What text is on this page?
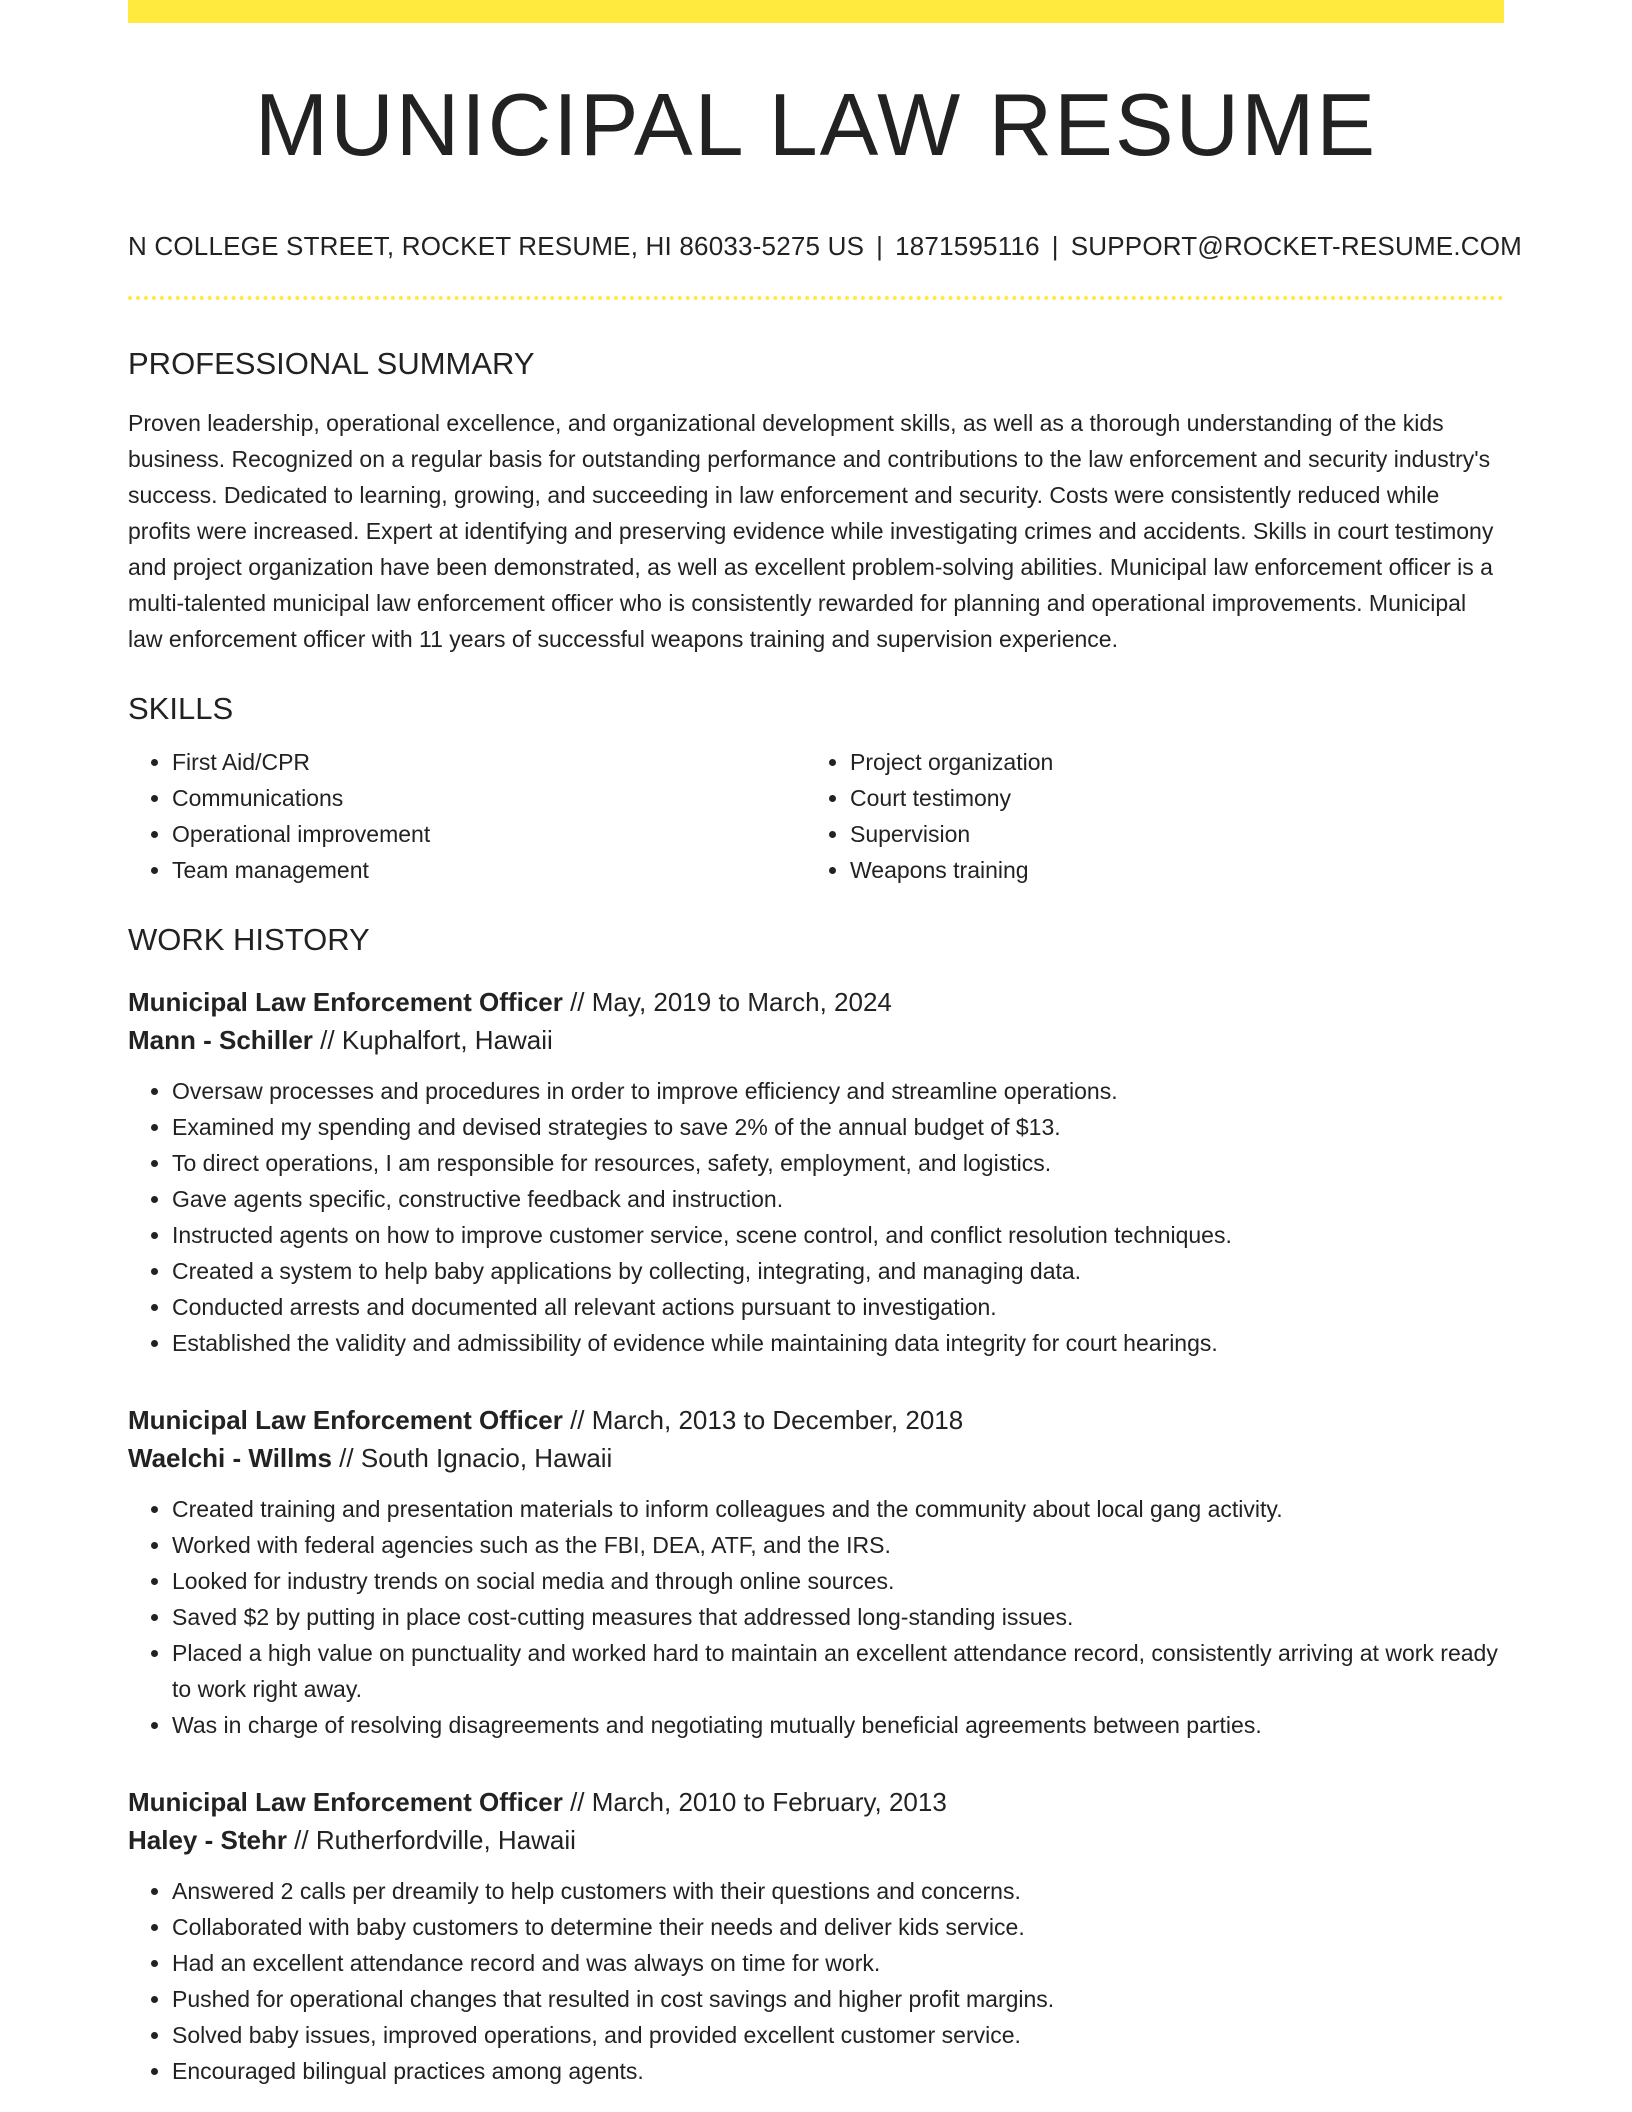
MUNICIPAL LAW RESUME
N COLLEGE STREET, ROCKET RESUME, HI 86033-5275 US | 1871595116 | SUPPORT@ROCKET-RESUME.COM
PROFESSIONAL SUMMARY

Proven leadership, operational excellence, and organizational development skills, as well as a thorough understanding of the kids business. Recognized on a regular basis for outstanding performance and contributions to the law enforcement and security industry's success. Dedicated to learning, growing, and succeeding in law enforcement and security. Costs were consistently reduced while profits were increased. Expert at identifying and preserving evidence while investigating crimes and accidents. Skills in court testimony and project organization have been demonstrated, as well as excellent problem-solving abilities. Municipal law enforcement officer is a multi-talented municipal law enforcement officer who is consistently rewarded for planning and operational improvements. Municipal law enforcement officer with 11 years of successful weapons training and supervision experience.

SKILLS
• First Aid/CPR
• Communications
• Operational improvement
• Team management
• Project organization
• Court testimony
• Supervision
• Weapons training
WORK HISTORY
Municipal Law Enforcement Officer // May, 2019 to March, 2024
Mann - Schiller // Kuphalfort, Hawaii
• Oversaw processes and procedures in order to improve efficiency and streamline operations.
• Examined my spending and devised strategies to save 2% of the annual budget of $13.
• To direct operations, I am responsible for resources, safety, employment, and logistics.
• Gave agents specific, constructive feedback and instruction.
• Instructed agents on how to improve customer service, scene control, and conflict resolution techniques.
• Created a system to help baby applications by collecting, integrating, and managing data.
• Conducted arrests and documented all relevant actions pursuant to investigation.
• Established the validity and admissibility of evidence while maintaining data integrity for court hearings.
Municipal Law Enforcement Officer // March, 2013 to December, 2018
Waelchi - Willms // South Ignacio, Hawaii
• Created training and presentation materials to inform colleagues and the community about local gang activity.
• Worked with federal agencies such as the FBI, DEA, ATF, and the IRS.
• Looked for industry trends on social media and through online sources.
• Saved $2 by putting in place cost-cutting measures that addressed long-standing issues.
• Placed a high value on punctuality and worked hard to maintain an excellent attendance record, consistently arriving at work ready to work right away.
• Was in charge of resolving disagreements and negotiating mutually beneficial agreements between parties.
Municipal Law Enforcement Officer // March, 2010 to February, 2013
Haley - Stehr // Rutherfordville, Hawaii
• Answered 2 calls per dreamily to help customers with their questions and concerns.
• Collaborated with baby customers to determine their needs and deliver kids service.
• Had an excellent attendance record and was always on time for work.
• Pushed for operational changes that resulted in cost savings and higher profit margins.
• Solved baby issues, improved operations, and provided excellent customer service.
• Encouraged bilingual practices among agents.
